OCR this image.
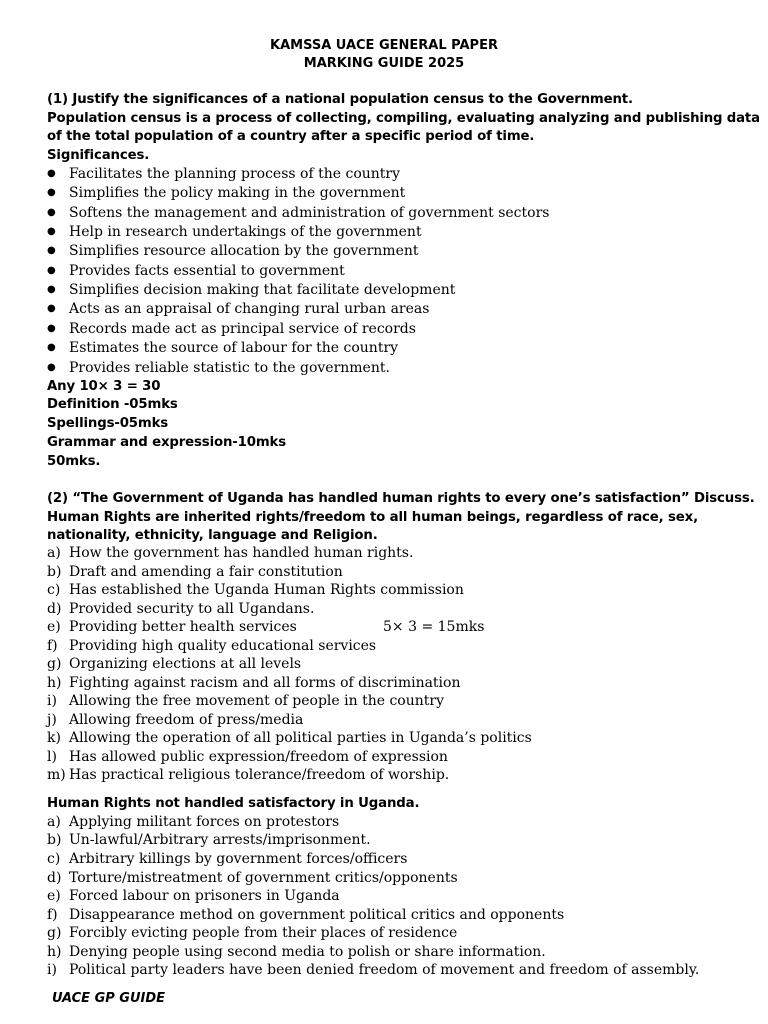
KAMSSA UACE GENERAL PAPER
MARKING GUIDE 2025
(1) Justify the significances of a national population census to the Government.
Population census is a process of collecting, compiling, evaluating analyzing and publishing data
of the total population of a country after a specific period of time.
Significances.
● Facilitates the planning process of the country
● Simplifies the policy making in the government
● Softens the management and administration of government sectors
● Help in research undertakings of the government
● Simplifies resource allocation by the government
● Provides facts essential to government
● Simplifies decision making that facilitate development
● Acts as an appraisal of changing rural urban areas
● Records made act as principal service of records
● Estimates the source of labour for the country
● Provides reliable statistic to the government.
Any 10× 3 = 30
Definition -05mks
Spellings-05mks
Grammar and expression-10mks
50mks.
(2) “The Government of Uganda has handled human rights to every one’s satisfaction” Discuss.
Human Rights are inherited rights/freedom to all human beings, regardless of race, sex,
nationality, ethnicity, language and Religion.
a) How the government has handled human rights.
b) Draft and amending a fair constitution
c) Has established the Uganda Human Rights commission
d) Provided security to all Ugandans.
e) Providing better health services
f) Providing high quality educational services
g) Organizing elections at all levels
h) Fighting against racism and all forms of discrimination
i) Allowing the free movement of people in the country
j) Allowing freedom of press/media
k) Allowing the operation of all political parties in Uganda’s politics
l) Has allowed public expression/freedom of expression
m) Has practical religious tolerance/freedom of worship.
5× 3 = 15mks
Human Rights not handled satisfactory in Uganda.
a) Applying militant forces on protestors
b) Un-lawful/Arbitrary arrests/imprisonment.
c) Arbitrary killings by government forces/officers
d) Torture/mistreatment of government critics/opponents
e) Forced labour on prisoners in Uganda
f) Disappearance method on government political critics and opponents
g) Forcibly evicting people from their places of residence
h) Denying people using second media to polish or share information.
i) Political party leaders have been denied freedom of movement and freedom of assembly.
UACE GP GUIDE
